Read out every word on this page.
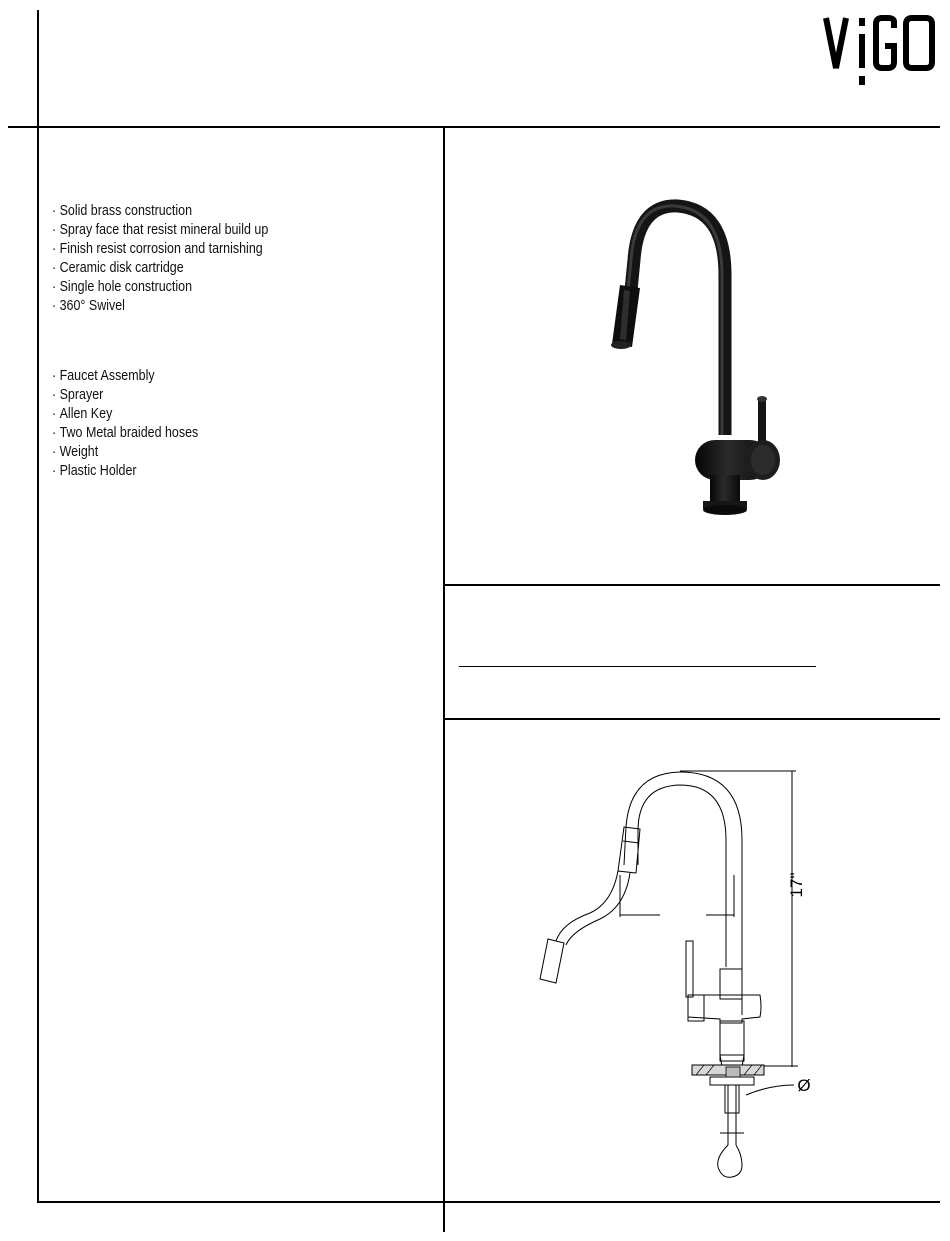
· Solid brass construction
· Spray face that resist mineral build up
· Finish resist corrosion and tarnishing
· Ceramic disk cartridge
· Single hole construction
· 360° Swivel
· Faucet Assembly
· Sprayer
· Allen Key
· Two Metal braided hoses
· Weight
· Plastic Holder
17"
Ø
